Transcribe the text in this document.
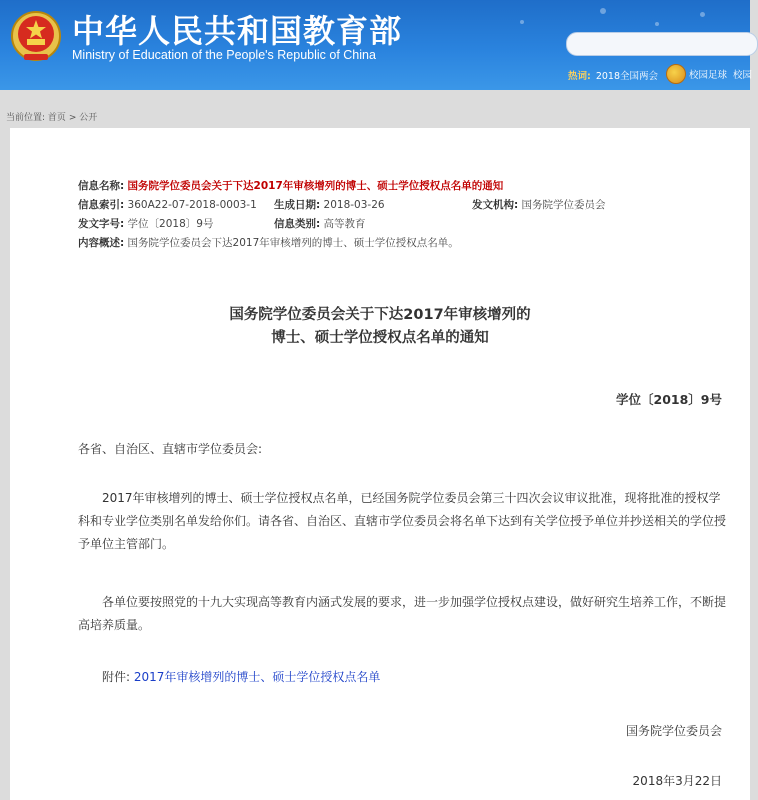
中华人民共和国教育部
Ministry of Education of the People's Republic of China
热词: 2018全国两会	校园足球 校园
当前位置: 首页 > 公开
信息名称: 国务院学位委员会关于下达2017年审核增列的博士、硕士学位授权点名单的通知
信息索引: 360A22-07-2018-0003-1 生成日期: 2018-03-26	发文机构: 国务院学位委员会
发文字号: 学位〔2018〕9号	信息类别: 高等教育
内容概述: 国务院学位委员会下达2017年审核增列的博士、硕士学位授权点名单。
国务院学位委员会关于下达2017年审核增列的
博士、硕士学位授权点名单的通知
学位〔2018〕9号
各省、自治区、直辖市学位委员会:
2017年审核增列的博士、硕士学位授权点名单，已经国务院学位委员会第三十四次会议审议批准，现将批准的授权学科和专业学位类别名单发给你们。请各省、自治区、直辖市学位委员会将名单下达到有关学位授予单位并抄送相关的学位授予单位主管部门。
各单位要按照党的十九大实现高等教育内涵式发展的要求，进一步加强学位授权点建设，做好研究生培养工作，不断提高培养质量。
附件: 2017年审核增列的博士、硕士学位授权点名单
国务院学位委员会
2018年3月22日
